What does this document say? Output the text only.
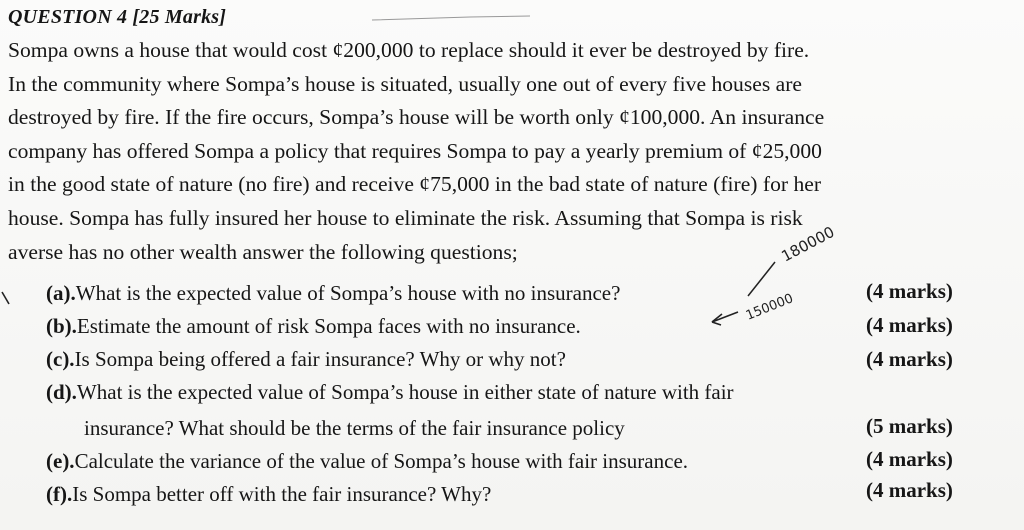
QUESTION 4 [25 Marks]

Sompa owns a house that would cost ¢200,000 to replace should it ever be destroyed by fire.
In the community where Sompa’s house is situated, usually one out of every five houses are
destroyed by fire. If the fire occurs, Sompa’s house will be worth only ¢100,000. An insurance
company has offered Sompa a policy that requires Sompa to pay a yearly premium of ¢25,000
in the good state of nature (no fire) and receive ¢75,000 in the bad state of nature (fire) for her
house. Sompa has fully insured her house to eliminate the risk. Assuming that Sompa is risk
averse has no other wealth answer the following questions;

(a).What is the expected value of Sompa’s house with no insurance?	(4 marks)
(b).Estimate the amount of risk Sompa faces with no insurance.	(4 marks)
(c).Is Sompa being offered a fair insurance? Why or why not?	(4 marks)
(d).What is the expected value of Sompa’s house in either state of nature with fair
insurance? What should be the terms of the fair insurance policy	(5 marks)
(e).Calculate the variance of the value of Sompa’s house with fair insurance.	(4 marks)
(f).Is Sompa better off with the fair insurance? Why?	(4 marks)
180000
150000
